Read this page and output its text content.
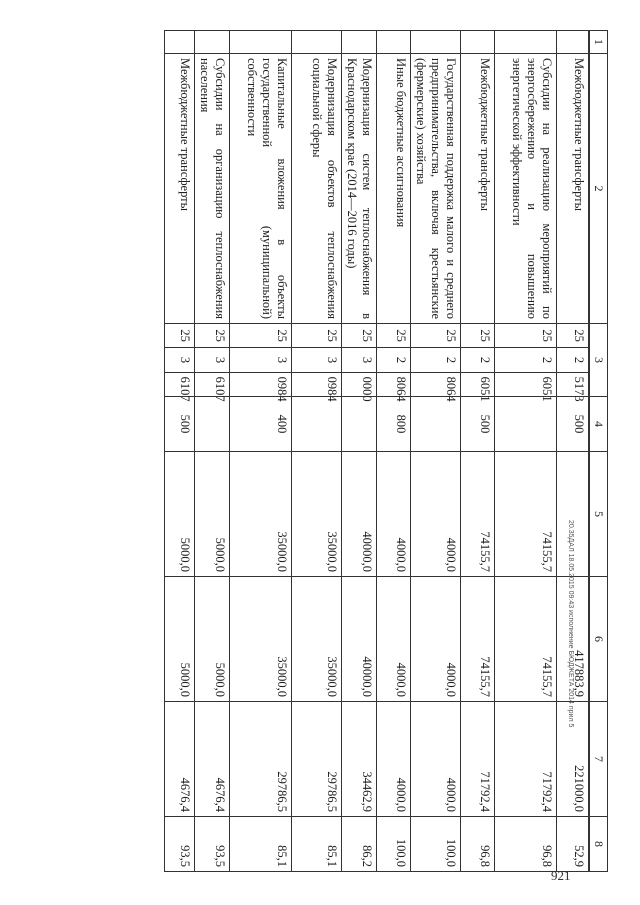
1	2	3			4	5	6	7	8

	Межбюджетные трансферты	25	2	5173	500		417883,9	221000,0	52,9
	Субсидии на реализацию мероприятий по энергосбережению и повышению энергетической эффективности	25	2	6051		74155,7	74155,7	71792,4	96,8
	Межбюджетные трансферты	25	2	6051	500	74155,7	74155,7	71792,4	96,8
	Государственная поддержка малого и среднего предпринимательства, включая крестьянские (фермерские) хозяйства	25	2	8064		4000,0	4000,0	4000,0	100,0
	Иные бюджетные ассигнования	25	2	8064	800	4000,0	4000,0	4000,0	100,0
	Модернизация систем теплоснабжения в Краснодарском крае (2014—2016 годы)	25	3	0000		40000,0	40000,0	34462,9	86,2
	Модернизация объектов теплоснабжения социальной сферы	25	3	0984		35000,0	35000,0	29786,5	85,1
	Капитальные вложения в объекты государственной (муниципальной) собственности	25	3	0984	400	35000,0	35000,0	29786,5	85,1
	Субсидии на организацию теплоснабжения населения	25	3	6107		5000,0	5000,0	4676,4	93,5
	Межбюджетные трансферты	25	3	6107	500	5000,0	5000,0	4676,4	93,5
921
20.35ДАЛ 18.05.2015 09:43 исполнение БЮДЖЕТА 2014 прил 5
